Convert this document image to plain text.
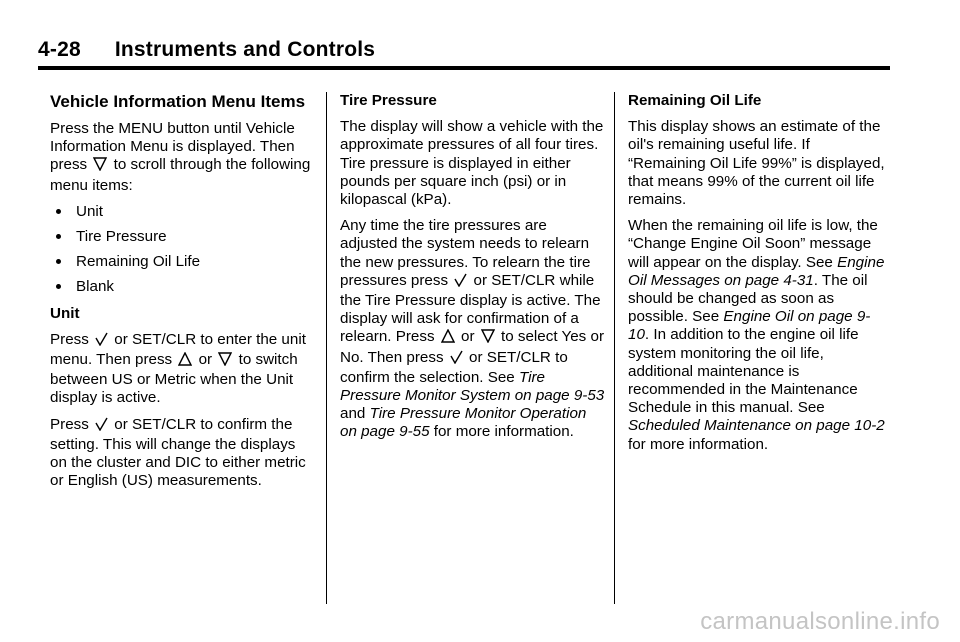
4-28 Instruments and Controls
Vehicle Information Menu Items

Press the MENU button until Vehicle Information Menu is displayed. Then press to scroll through the following menu items:

Unit
Tire Pressure
Remaining Oil Life
Blank
Unit

Press or SET/CLR to enter the unit menu. Then press or to switch between US or Metric when the Unit display is active.

Press or SET/CLR to confirm the setting. This will change the displays on the cluster and DIC to either metric or English (US) measurements.

Tire Pressure

The display will show a vehicle with the approximate pressures of all four tires. Tire pressure is displayed in either pounds per square inch (psi) or in kilopascal (kPa).

Any time the tire pressures are adjusted the system needs to relearn the new pressures. To relearn the tire pressures press or SET/CLR while the Tire Pressure display is active. The display will ask for confirmation of a relearn. Press or to select Yes or No. Then press or SET/CLR to confirm the selection. See Tire Pressure Monitor System on page 9-53 and Tire Pressure Monitor Operation on page 9-55 for more information.

Remaining Oil Life

This display shows an estimate of the oil's remaining useful life. If “Remaining Oil Life 99%” is displayed, that means 99% of the current oil life remains.

When the remaining oil life is low, the “Change Engine Oil Soon” message will appear on the display. See Engine Oil Messages on page 4-31. The oil should be changed as soon as possible. See Engine Oil on page 9-10. In addition to the engine oil life system monitoring the oil life, additional maintenance is recommended in the Maintenance Schedule in this manual. See Scheduled Maintenance on page 10-2 for more information.

carmanualsonline.info
